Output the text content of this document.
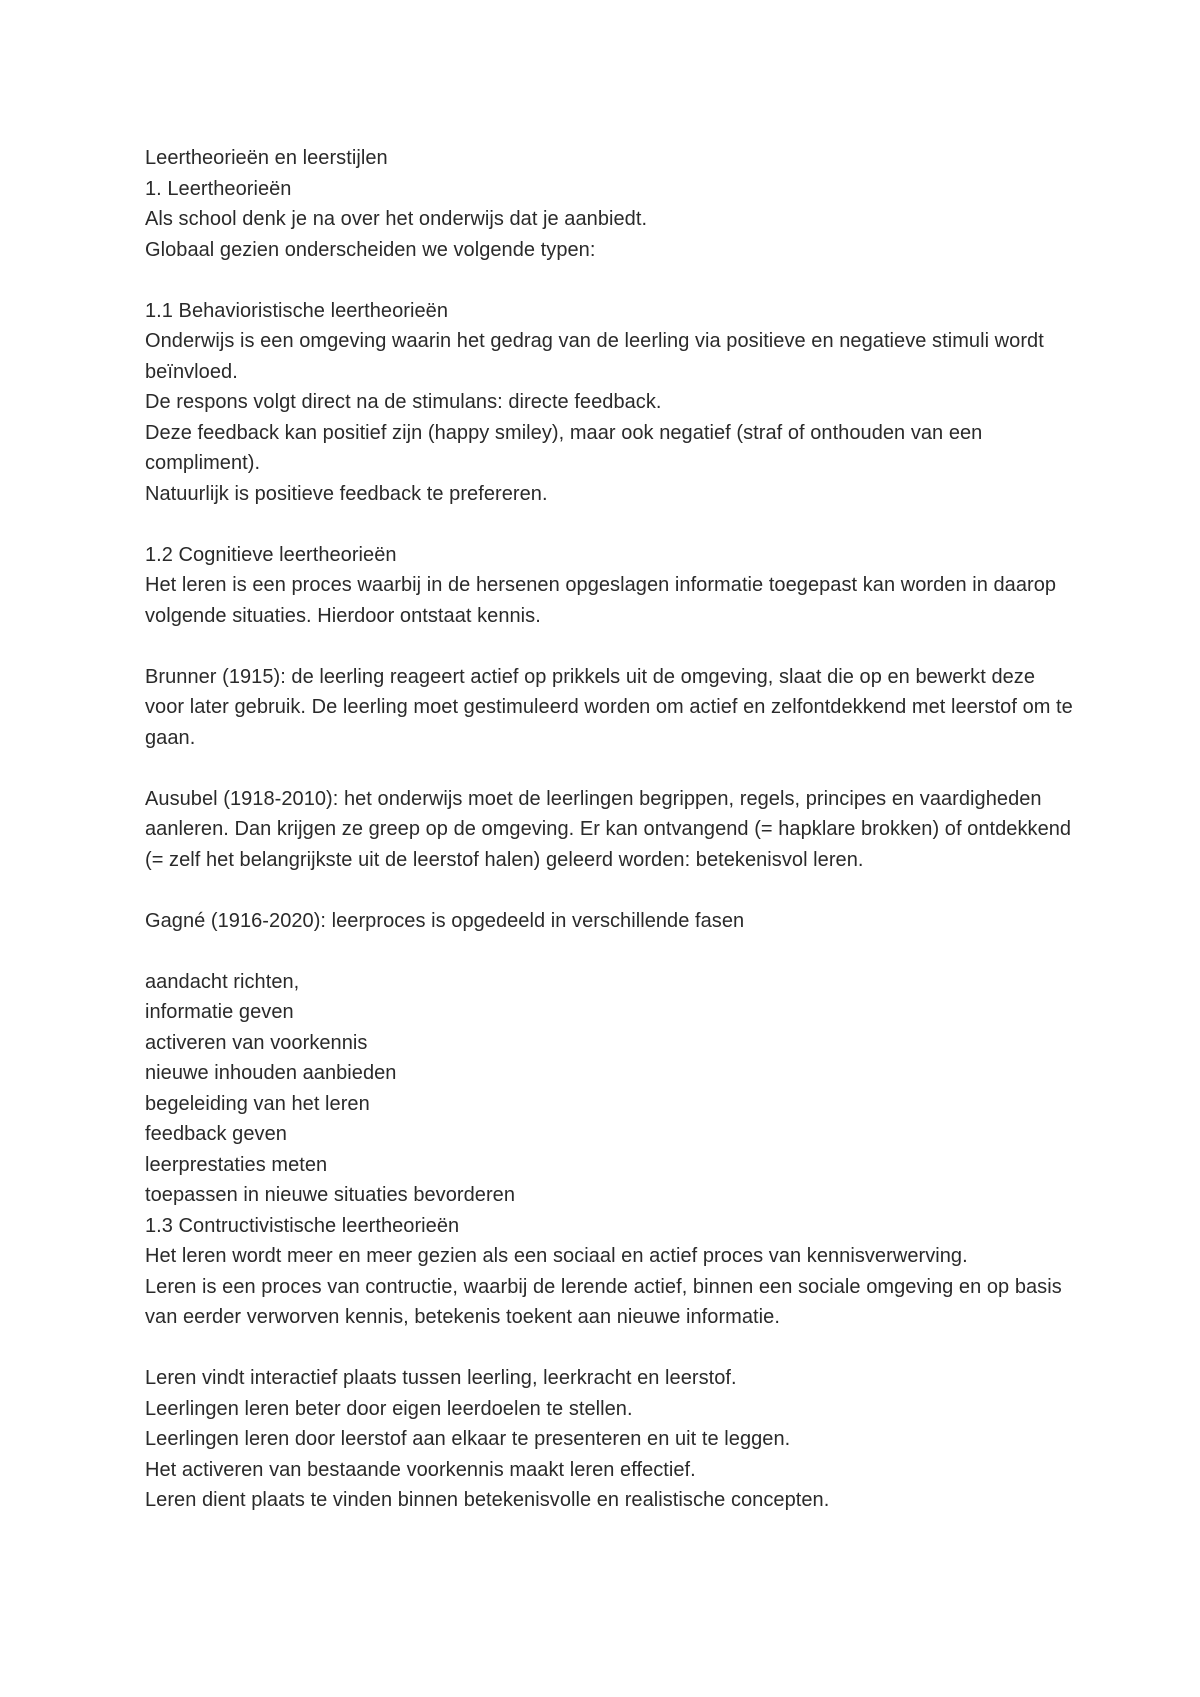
Leertheorieën en leerstijlen

1. Leertheorieën

Als school denk je na over het onderwijs dat je aanbiedt.

Globaal gezien onderscheiden we volgende typen:

1.1 Behavioristische leertheorieën

Onderwijs is een omgeving waarin het gedrag van de leerling via positieve en negatieve stimuli wordt beïnvloed.

De respons volgt direct na de stimulans: directe feedback.

Deze feedback kan positief zijn (happy smiley), maar ook negatief (straf of onthouden van een compliment).

Natuurlijk is positieve feedback te prefereren.

1.2 Cognitieve leertheorieën

Het leren is een proces waarbij in de hersenen opgeslagen informatie toegepast kan worden in daarop volgende situaties. Hierdoor ontstaat kennis.

Brunner (1915): de leerling reageert actief op prikkels uit de omgeving, slaat die op en bewerkt deze voor later gebruik. De leerling moet gestimuleerd worden om actief en zelfontdekkend met leerstof om te gaan.

Ausubel (1918-2010): het onderwijs moet de leerlingen begrippen, regels, principes en vaardigheden aanleren. Dan krijgen ze greep op de omgeving. Er kan ontvangend (= hapklare brokken) of ontdekkend (= zelf het belangrijkste uit de leerstof halen) geleerd worden: betekenisvol leren.

Gagné (1916-2020): leerproces is opgedeeld in verschillende fasen

aandacht richten,

informatie geven

activeren van voorkennis

nieuwe inhouden aanbieden

begeleiding van het leren

feedback geven

leerprestaties meten

toepassen in nieuwe situaties bevorderen

1.3 Contructivistische leertheorieën

Het leren wordt meer en meer gezien als een sociaal en actief proces van kennisverwerving.

Leren is een proces van contructie, waarbij de lerende actief, binnen een sociale omgeving en op basis van eerder verworven kennis, betekenis toekent aan nieuwe informatie.

Leren vindt interactief plaats tussen leerling, leerkracht en leerstof.

Leerlingen leren beter door eigen leerdoelen te stellen.

Leerlingen leren door leerstof aan elkaar te presenteren en uit te leggen.

Het activeren van bestaande voorkennis maakt leren effectief.

Leren dient plaats te vinden binnen betekenisvolle en realistische concepten.
